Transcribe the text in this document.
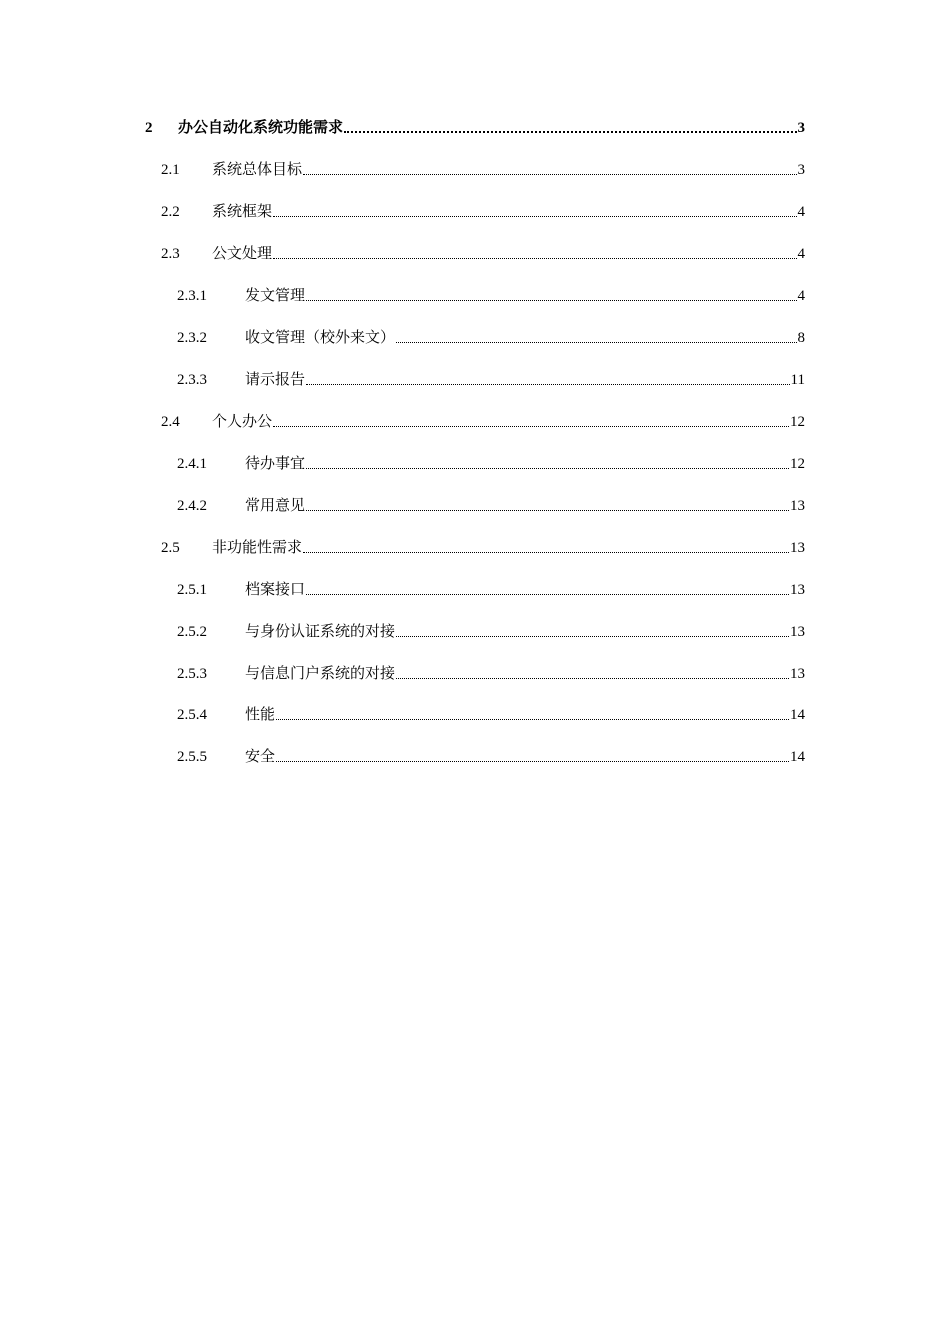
2	办公自动化系统功能需求	3
2.1	系统总体目标	3
2.2	系统框架	4
2.3	公文处理	4
2.3.1	发文管理	4
2.3.2	收文管理（校外来文）	8
2.3.3	请示报告	11
2.4	个人办公	12
2.4.1	待办事宜	12
2.4.2	常用意见	13
2.5	非功能性需求	13
2.5.1	档案接口	13
2.5.2	与身份认证系统的对接	13
2.5.3	与信息门户系统的对接	13
2.5.4	性能	14
2.5.5	安全	14
